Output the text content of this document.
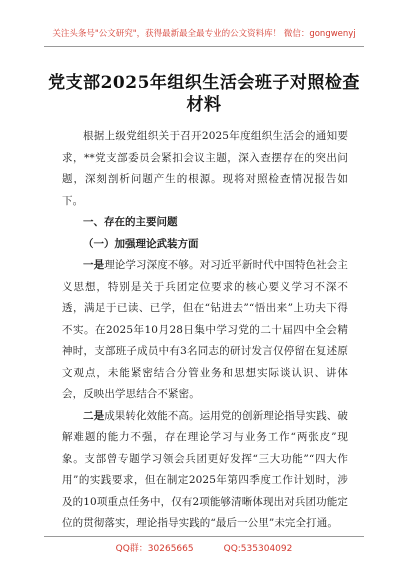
关注头条号"公文研究"，获得最新最全最专业的公文资料库！ 微信：gongwenyj
党支部2025年组织生活会班子对照检查材料

根据上级党组织关于召开2025年度组织生活会的通知要求，**党支部委员会紧扣会议主题，深入查摆存在的突出问题，深刻剖析问题产生的根源。现将对照检查情况报告如下。

一、存在的主要问题

（一）加强理论武装方面

一是理论学习深度不够。对习近平新时代中国特色社会主义思想，特别是关于兵团定位要求的核心要义学习不深不透，满足于已读、已学，但在“钻进去”“悟出来”上功夫下得不实。在2025年10月28日集中学习党的二十届四中全会精神时，支部班子成员中有3名同志的研讨发言仅停留在复述原文观点，未能紧密结合分管业务和思想实际谈认识、讲体会，反映出学思结合不紧密。

二是成果转化效能不高。运用党的创新理论指导实践、破解难题的能力不强，存在理论学习与业务工作“两张皮”现象。支部曾专题学习领会兵团更好发挥“三大功能”“四大作用”的实践要求，但在制定2025年第四季度工作计划时，涉及的10项重点任务中，仅有2项能够清晰体现出对兵团功能定位的贯彻落实，理论指导实践的“最后一公里”未完全打通。

QQ群：30265665	QQ:535304092
